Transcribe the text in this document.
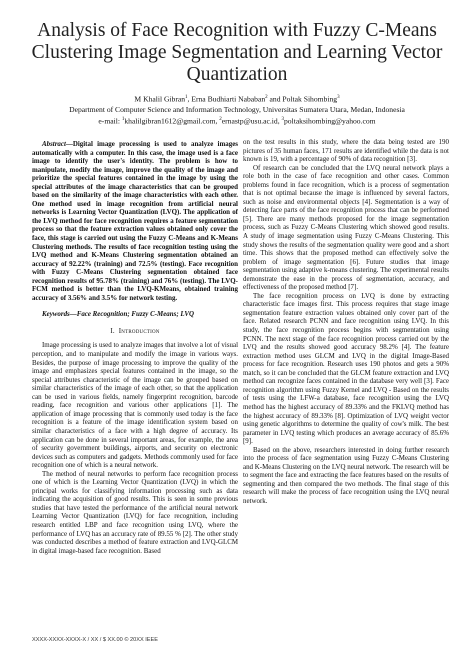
Analysis of Face Recognition with Fuzzy C-Means Clustering Image Segmentation and Learning Vector Quantization
M Khalil Gibran$^1$, Erna Budhiarti Nababan$^2$ and Poltak Sihombing$^3$
Department of Computer Science and Information Technology, Universitas Sumatera Utara, Medan, Indonesia
e-mail: $^1$khalilgibran1612@gmail.com, $^2$ernastp@usu.ac.id, $^3$poltaksihombing@yahoo.com

Abstract—Digital image processing is used to analyze images automatically with a computer. In this case, the image used is a face image to identify the user's identity. The problem is how to manipulate, modify the image, improve the quality of the image and prioritize the special features contained in the image by using the special attributes of the image characteristics that can be grouped based on the similarity of the image characteristics with each other. One method used in image recognition from artificial neural networks is Learning Vector Quantization (LVQ). The application of the LVQ method for face recognition requires a feature segmentation process so that the feature extraction values obtained only cover the face, this stage is carried out using the Fuzzy C-Means and K-Means Clustering methods. The results of face recognition testing using the LVQ method and K-Means Clustering segmentation obtained an accuracy of 92.22% (training) and 72.5% (testing). Face recognition with Fuzzy C-Means Clustering segmentation obtained face recognition results of 95.78% (training) and 76% (testing). The LVQ-FCM method is better than the LVQ-KMeans, obtained training accuracy of 3.56% and 3.5% for network testing.

Keywords—Face Recognition; Fuzzy C-Means; LVQ

I. Introduction

Image processing is used to analyze images that involve a lot of visual perception, and to manipulate and modify the image in various ways. Besides, the purpose of image processing to improve the quality of the image and emphasizes special features contained in the image, so the special attributes characteristic of the image can be grouped based on similar characteristics of the image of each other, so that the application can be used in various fields, namely fingerprint recognition, barcode reading, face recognition and various other applications [1]. The application of image processing that is commonly used today is the face recognition is a feature of the image identification system based on similar characteristics of a face with a high degree of accuracy. Its application can be done in several important areas, for example, the area of security government buildings, airports, and security on electronic devices such as computers and gadgets. Methods commonly used for face recognition one of which is a neural network.

The method of neural networks to perform face recognition process one of which is the Learning Vector Quantization (LVQ) in which the principal works for classifying information processing such as data indicating the acquisition of good results. This is seen in some previous studies that have tested the performance of the artificial neural network Learning Vector Quantization (LVQ) for face recognition, including research entitled LBP and face recognition using LVQ, where the performance of LVQ has an accuracy rate of 89.55 % [2]. The other study was conducted describes a method of feature extraction and LVQ-GLCM in digital image-based face recognition. Based

on the test results in this study, where the data being tested are 190 pictures of 35 human faces, 171 results are identified while the data is not known is 19, with a percentage of 90% of data recognition [3].

Of research can be concluded that the LVQ neural network plays a role both in the case of face recognition and other cases. Common problems found in face recognition, which is a process of segmentation that is not optimal because the image is influenced by several factors, such as noise and environmental objects [4]. Segmentation is a way of detecting face parts of the face recognition process that can be performed [5]. There are many methods proposed for the image segmentation process, such as Fuzzy C-Means Clustering which showed good results. A study of image segmentation using Fuzzy C-Means Clustering. This study shows the results of the segmentation quality were good and a short time. This shows that the proposed method can effectively solve the problem of image segmentation [6]. Future studies that image segmentation using adaptive k-means clustering. The experimental results demonstrate the ease in the process of segmentation, accuracy, and effectiveness of the proposed method [7].

The face recognition process on LVQ is done by extracting characteristic face images first. This process requires that stage image segmentation feature extraction values obtained only cover part of the face. Related research PCNN and face recognition using LVQ. In this study, the face recognition process begins with segmentation using PCNN. The next stage of the face recognition process carried out by the LVQ and the results showed good accuracy 98.2% [4]. The feature extraction method uses GLCM and LVQ in the digital Image-Based process for face recognition. Research uses 190 photos and gets a 90% match, so it can be concluded that the GLCM feature extraction and LVQ method can recognize faces contained in the database very well [3]. Face recognition algorithm using Fuzzy Kernel and LVQ - Based on the results of tests using the LFW-a database, face recognition using the LVQ method has the highest accuracy of 89.33% and the FKLVQ method has the highest accuracy of 89.33% [8]. Optimization of LVQ weight vector using genetic algorithms to determine the quality of cow's milk. The best parameter in LVQ testing which produces an average accuracy of 85.6% [9].

Based on the above, researchers interested in doing further research into the process of face segmentation using Fuzzy C-Means Clustering and K-Means Clustering on the LVQ neural network. The research will be to segment the face and extracting the face features based on the results of segmenting and then compared the two methods. The final stage of this research will make the process of face recognition using the LVQ neural network.

XXXX-XXXX-XXXX-X / XX / $ XX.00 © 20XX IEEE
